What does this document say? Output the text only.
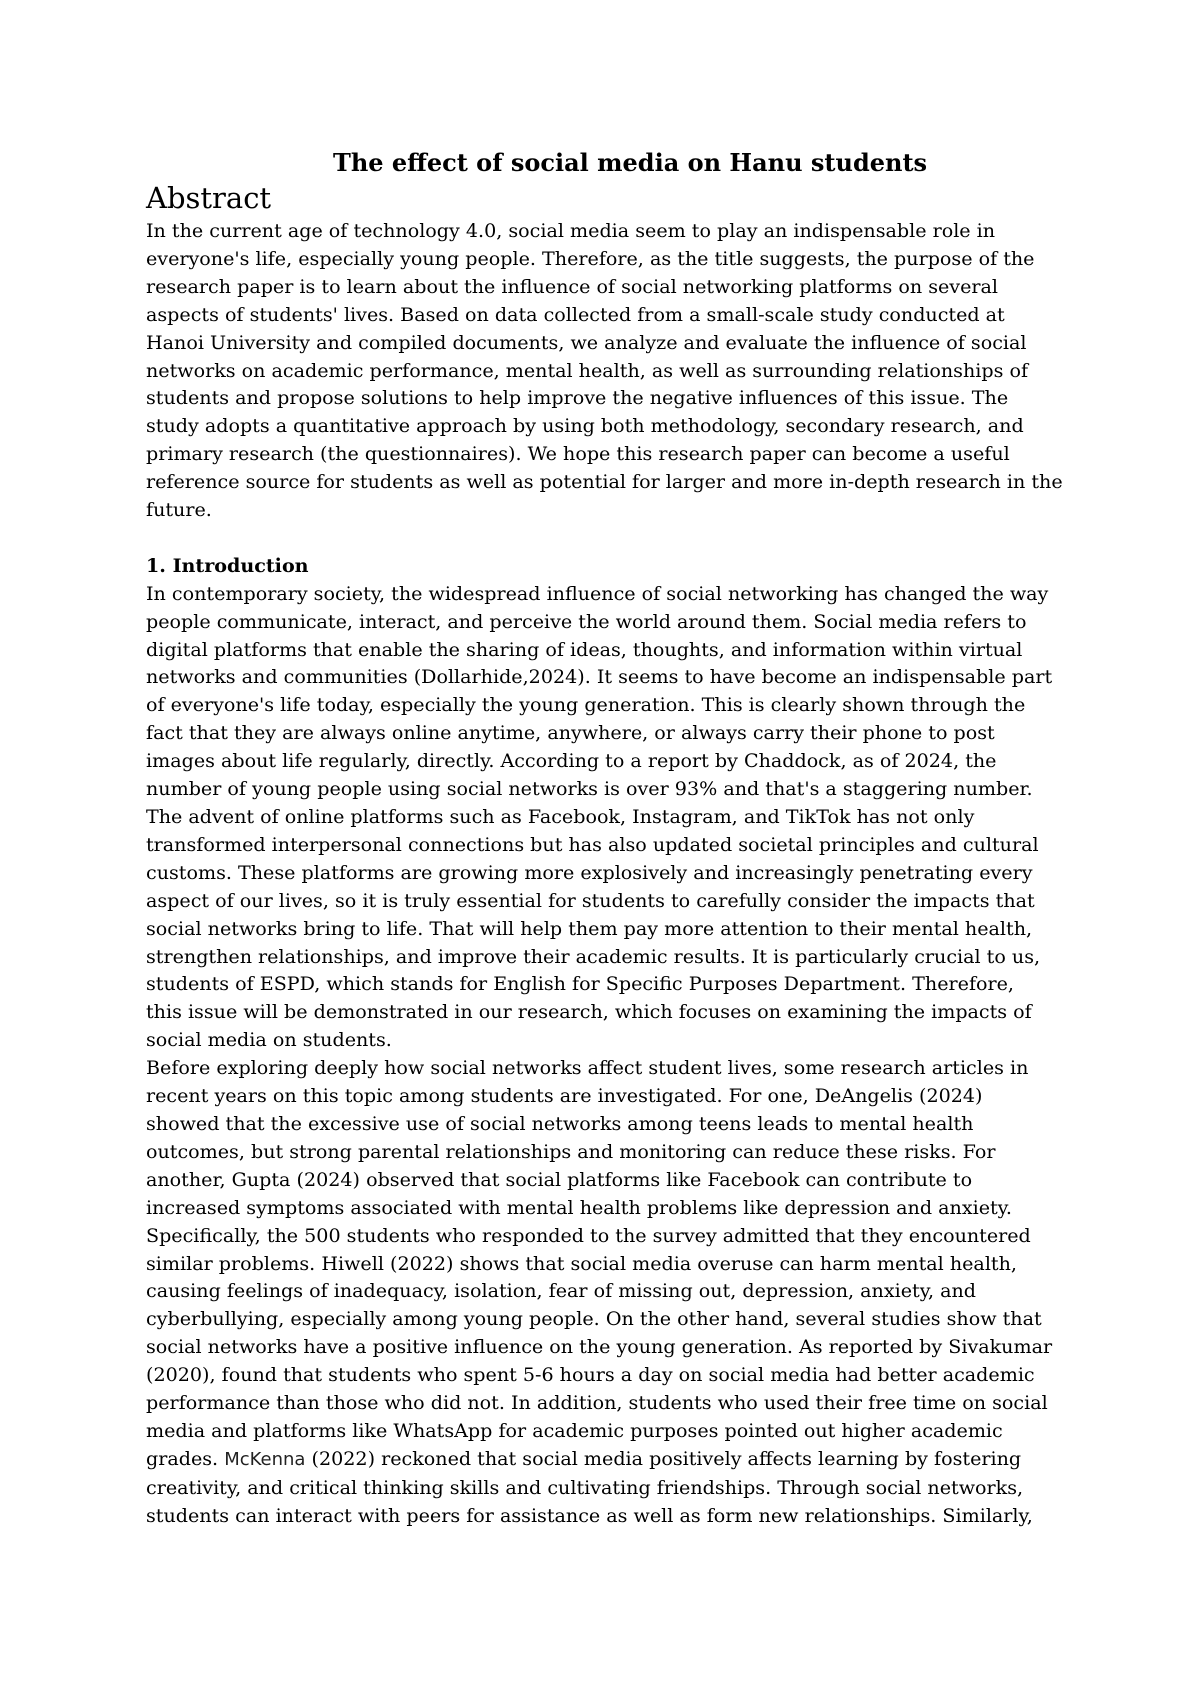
The effect of social media on Hanu students
Abstract
In the current age of technology 4.0, social media seem to play an indispensable role in
everyone's life, especially young people. Therefore, as the title suggests, the purpose of the
research paper is to learn about the influence of social networking platforms on several
aspects of students' lives. Based on data collected from a small-scale study conducted at
Hanoi University and compiled documents, we analyze and evaluate the influence of social
networks on academic performance, mental health, as well as surrounding relationships of
students and propose solutions to help improve the negative influences of this issue. The
study adopts a quantitative approach by using both methodology, secondary research, and
primary research (the questionnaires). We hope this research paper can become a useful
reference source for students as well as potential for larger and more in-depth research in the
future.
1. Introduction
In contemporary society, the widespread influence of social networking has changed the way
people communicate, interact, and perceive the world around them. Social media refers to
digital platforms that enable the sharing of ideas, thoughts, and information within virtual
networks and communities (Dollarhide,2024). It seems to have become an indispensable part
of everyone's life today, especially the young generation. This is clearly shown through the
fact that they are always online anytime, anywhere, or always carry their phone to post
images about life regularly, directly. According to a report by Chaddock, as of 2024, the
number of young people using social networks is over 93% and that's a staggering number.
The advent of online platforms such as Facebook, Instagram, and TikTok has not only
transformed interpersonal connections but has also updated societal principles and cultural
customs. These platforms are growing more explosively and increasingly penetrating every
aspect of our lives, so it is truly essential for students to carefully consider the impacts that
social networks bring to life. That will help them pay more attention to their mental health,
strengthen relationships, and improve their academic results. It is particularly crucial to us,
students of ESPD, which stands for English for Specific Purposes Department. Therefore,
this issue will be demonstrated in our research, which focuses on examining the impacts of
social media on students.
Before exploring deeply how social networks affect student lives, some research articles in
recent years on this topic among students are investigated. For one, DeAngelis (2024)
showed that the excessive use of social networks among teens leads to mental health
outcomes, but strong parental relationships and monitoring can reduce these risks. For
another, Gupta (2024) observed that social platforms like Facebook can contribute to
increased symptoms associated with mental health problems like depression and anxiety.
Specifically, the 500 students who responded to the survey admitted that they encountered
similar problems. Hiwell (2022) shows that social media overuse can harm mental health,
causing feelings of inadequacy, isolation, fear of missing out, depression, anxiety, and
cyberbullying, especially among young people. On the other hand, several studies show that
social networks have a positive influence on the young generation. As reported by Sivakumar
(2020), found that students who spent 5-6 hours a day on social media had better academic
performance than those who did not. In addition, students who used their free time on social
media and platforms like WhatsApp for academic purposes pointed out higher academic
grades. McKenna (2022) reckoned that social media positively affects learning by fostering
creativity, and critical thinking skills and cultivating friendships. Through social networks,
students can interact with peers for assistance as well as form new relationships. Similarly,
